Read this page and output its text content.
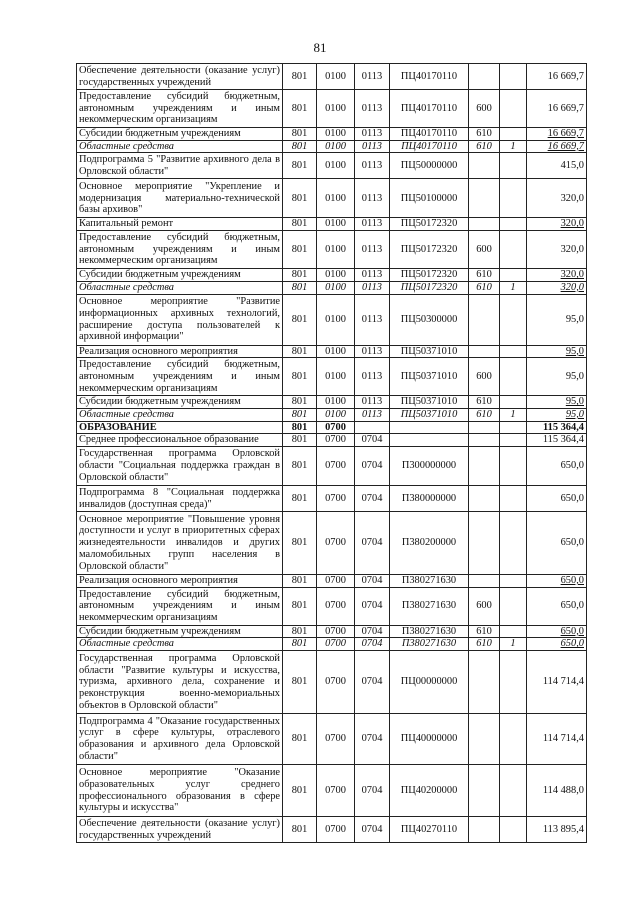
81
Обеспечение деятельности (оказание услуг) государственных учреждений	801	0100	0113	ПЦ40170110			16 669,7
Предоставление субсидий бюджетным, автономным учреждениям и иным некоммерческим организациям	801	0100	0113	ПЦ40170110	600		16 669,7
Субсидии бюджетным учреждениям	801	0100	0113	ПЦ40170110	610		16 669,7
Областные средства	801	0100	0113	ПЦ40170110	610	1	16 669,7
Подпрограмма 5 "Развитие архивного дела в Орловской области"	801	0100	0113	ПЦ50000000			415,0
Основное мероприятие "Укрепление и модернизация материально-технической базы архивов"	801	0100	0113	ПЦ50100000			320,0
Капитальный ремонт	801	0100	0113	ПЦ50172320			320,0
Предоставление субсидий бюджетным, автономным учреждениям и иным некоммерческим организациям	801	0100	0113	ПЦ50172320	600		320,0
Субсидии бюджетным учреждениям	801	0100	0113	ПЦ50172320	610		320,0
Областные средства	801	0100	0113	ПЦ50172320	610	1	320,0
Основное мероприятие "Развитие информационных архивных технологий, расширение доступа пользователей к архивной информации"	801	0100	0113	ПЦ50300000			95,0
Реализация основного мероприятия	801	0100	0113	ПЦ50371010			95,0
Предоставление субсидий бюджетным, автономным учреждениям и иным некоммерческим организациям	801	0100	0113	ПЦ50371010	600		95,0
Субсидии бюджетным учреждениям	801	0100	0113	ПЦ50371010	610		95,0
Областные средства	801	0100	0113	ПЦ50371010	610	1	95,0
ОБРАЗОВАНИЕ	801	0700					115 364,4
Среднее профессиональное образование	801	0700	0704				115 364,4
Государственная программа Орловской области "Социальная поддержка граждан в Орловской области"	801	0700	0704	П300000000			650,0
Подпрограмма 8 "Социальная поддержка инвалидов (доступная среда)"	801	0700	0704	П380000000			650,0
Основное мероприятие "Повышение уровня доступности и услуг в приоритетных сферах жизнедеятельности инвалидов и других маломобильных групп населения в Орловской области"	801	0700	0704	П380200000			650,0
Реализация основного мероприятия	801	0700	0704	П380271630			650,0
Предоставление субсидий бюджетным, автономным учреждениям и иным некоммерческим организациям	801	0700	0704	П380271630	600		650,0
Субсидии бюджетным учреждениям	801	0700	0704	П380271630	610		650,0
Областные средства	801	0700	0704	П380271630	610	1	650,0
Государственная программа Орловской области "Развитие культуры и искусства, туризма, архивного дела, сохранение и реконструкция военно-мемориальных объектов в Орловской области"	801	0700	0704	ПЦ00000000			114 714,4
Подпрограмма 4 "Оказание государственных услуг в сфере культуры, отраслевого образования и архивного дела Орловской области"	801	0700	0704	ПЦ40000000			114 714,4
Основное мероприятие "Оказание образовательных услуг среднего профессионального образования в сфере культуры и искусства"	801	0700	0704	ПЦ40200000			114 488,0
Обеспечение деятельности (оказание услуг) государственных учреждений	801	0700	0704	ПЦ40270110			113 895,4
